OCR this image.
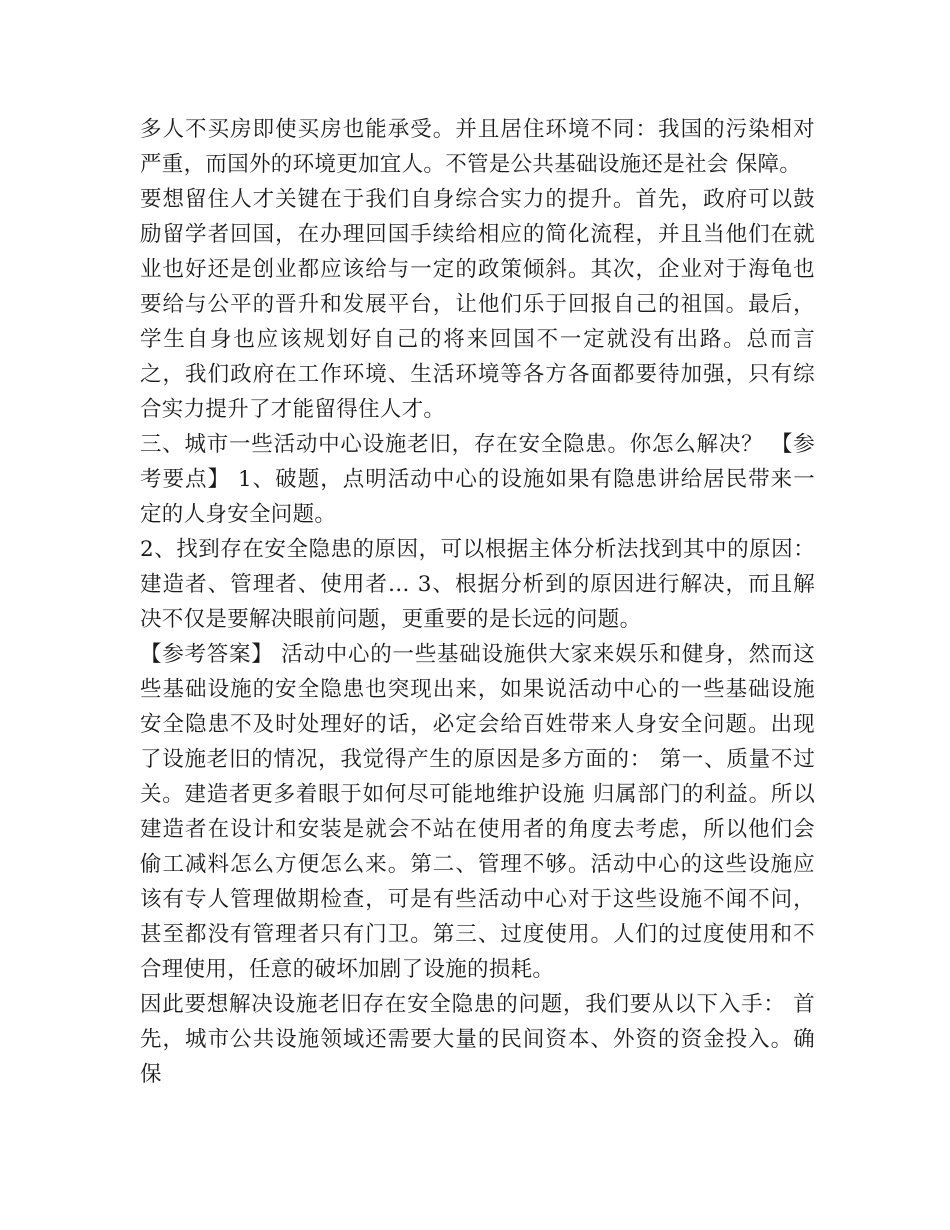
多人不买房即使买房也能承受。并且居住环境不同：我国的污染相对严重，而国外的环境更加宜人。不管是公共基础设施还是社会 保障。

要想留住人才关键在于我们自身综合实力的提升。首先，政府可以鼓励留学者回国，在办理回国手续给相应的简化流程，并且当他们在就业也好还是创业都应该给与一定的政策倾斜。其次，企业对于海龟也要给与公平的晋升和发展平台，让他们乐于回报自己的祖国。最后，学生自身也应该规划好自己的将来回国不一定就没有出路。总而言之，我们政府在工作环境、生活环境等各方各面都要待加强，只有综合实力提升了才能留得住人才。

三、城市一些活动中心设施老旧，存在安全隐患。你怎么解决？ 【参考要点】 1、破题，点明活动中心的设施如果有隐患讲给居民带来一定的人身安全问题。

2、找到存在安全隐患的原因，可以根据主体分析法找到其中的原因：建造者、管理者、使用者… 3、根据分析到的原因进行解决，而且解决不仅是要解决眼前问题，更重要的是长远的问题。

【参考答案】 活动中心的一些基础设施供大家来娱乐和健身，然而这些基础设施的安全隐患也突现出来，如果说活动中心的一些基础设施安全隐患不及时处理好的话，必定会给百姓带来人身安全问题。出现了设施老旧的情况，我觉得产生的原因是多方面的： 第一、质量不过关。建造者更多着眼于如何尽可能地维护设施 归属部门的利益。所以建造者在设计和安装是就会不站在使用者的角度去考虑，所以他们会偷工减料怎么方便怎么来。第二、管理不够。活动中心的这些设施应该有专人管理做期检查，可是有些活动中心对于这些设施不闻不问，甚至都没有管理者只有门卫。第三、过度使用。人们的过度使用和不合理使用，任意的破坏加剧了设施的损耗。

因此要想解决设施老旧存在安全隐患的问题，我们要从以下入手： 首先，城市公共设施领域还需要大量的民间资本、外资的资金投入。确保
